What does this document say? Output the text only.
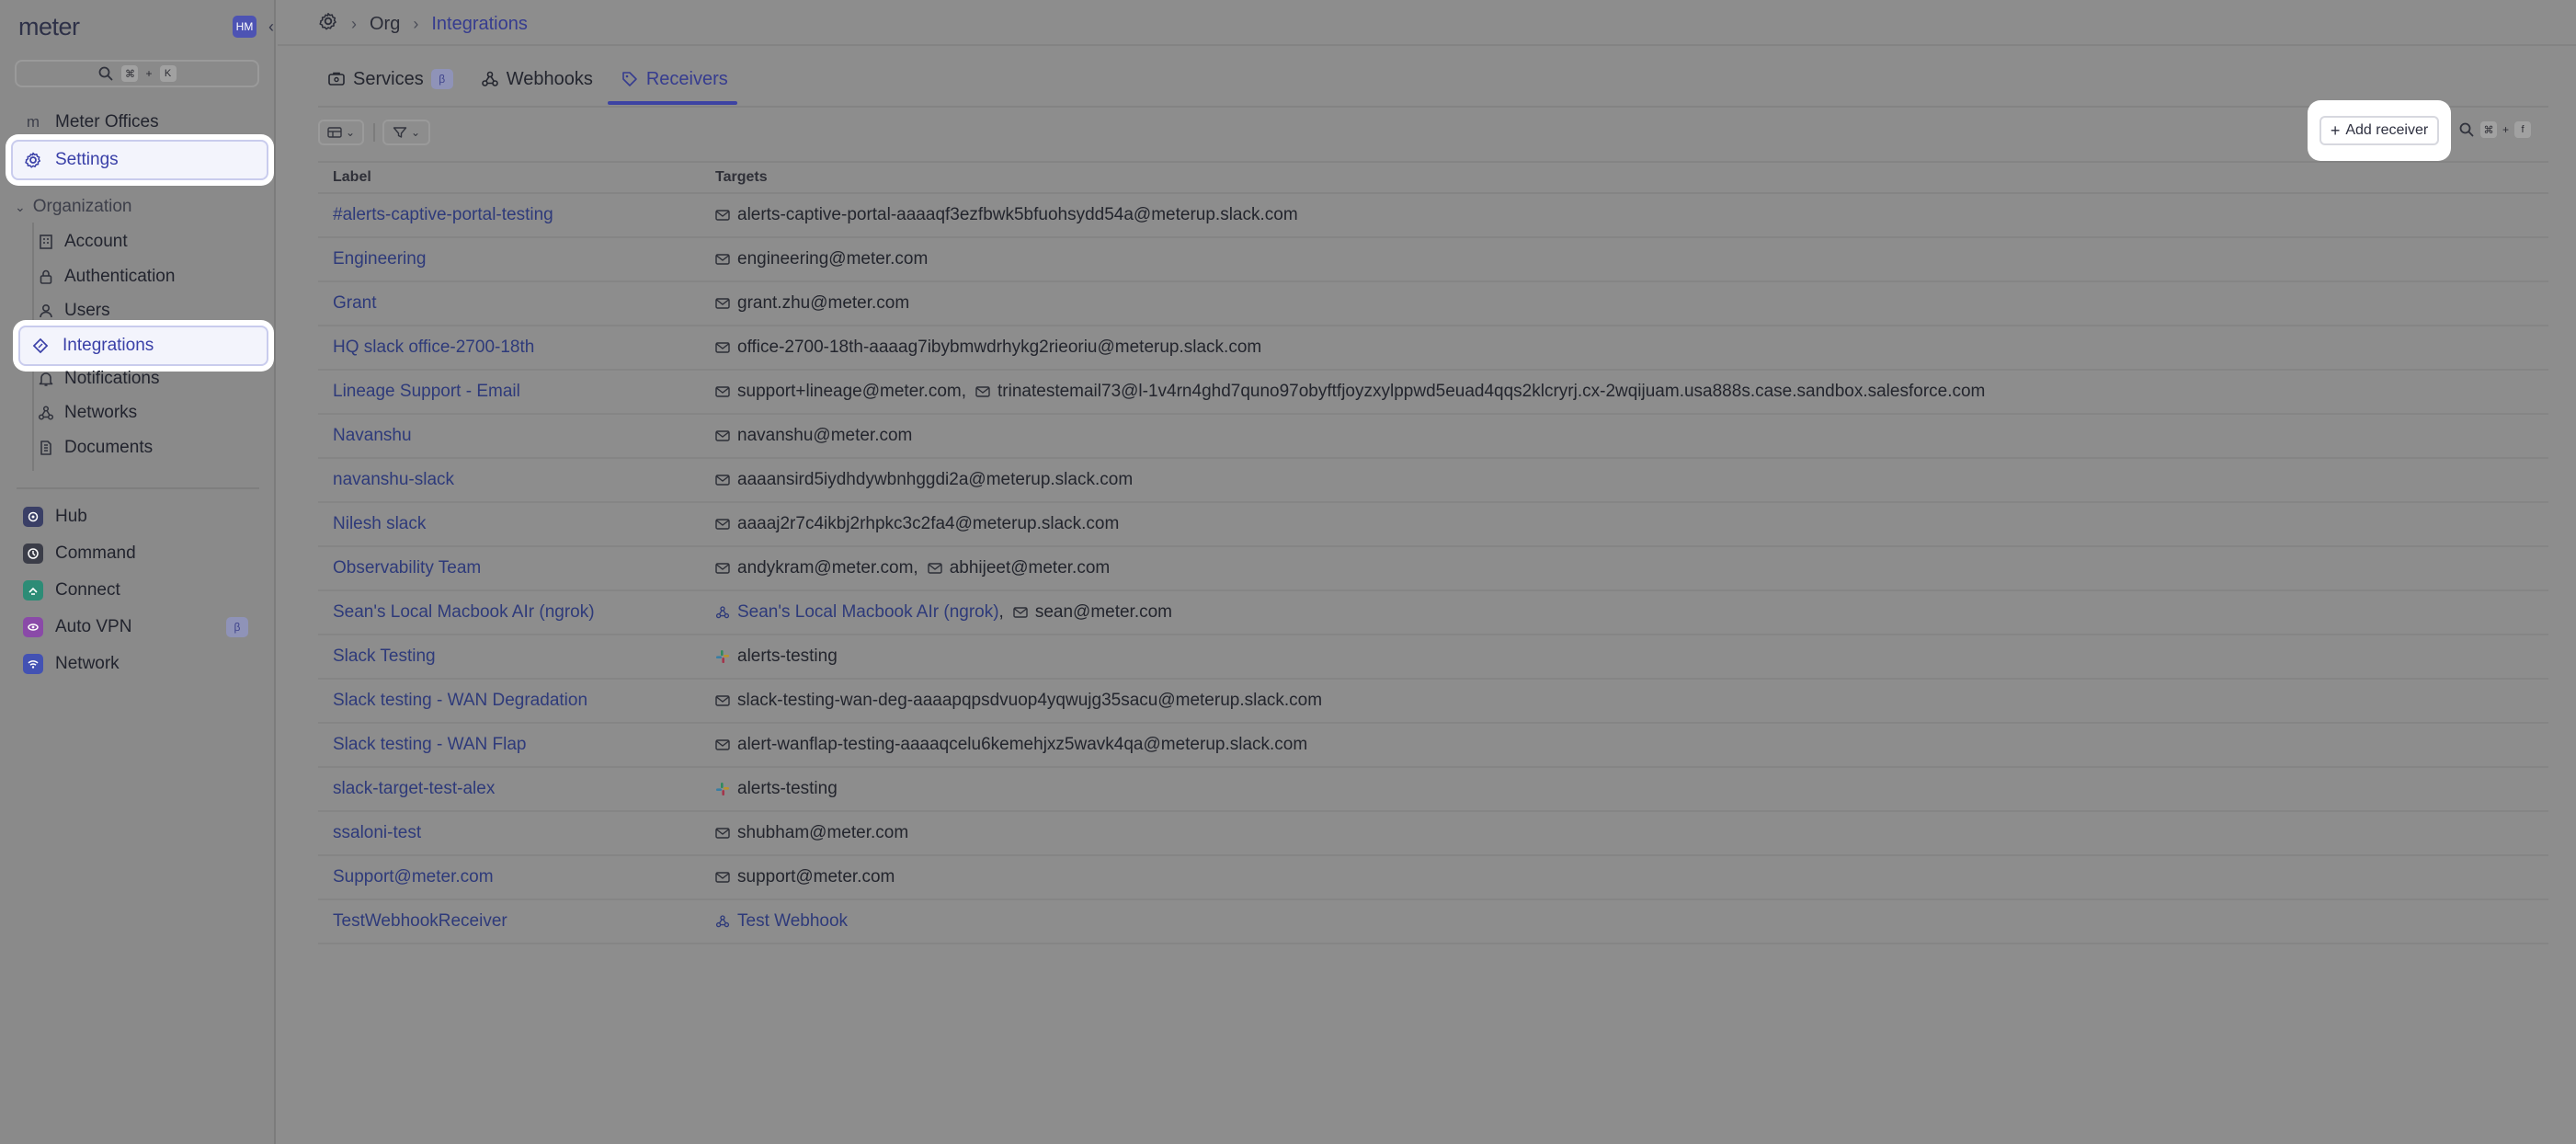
meter	HM ‹
⌘ +	K
m Meter Offices
Settings
⌄ Organization
Account
Authentication
Users
Integrations
Notifications
Networks
Documents
Hub
Command
Connect
Auto VPN	β
Network
› Org › Integrations
Services	β	Webhooks	Receivers
⌄	⌄	+ Add receiver	⌘ +	f
Label	Targets
#alerts-captive-portal-testing	alerts-captive-portal-aaaaqf3ezfbwk5bfuohsydd54a@meterup.slack.com
Engineering	engineering@meter.com
Grant	grant.zhu@meter.com
HQ slack office-2700-18th	office-2700-18th-aaaag7ibybmwdrhykg2rieoriu@meterup.slack.com
Lineage Support - Email	support+lineage@meter.com , trinatestemail73@l-1v4rn4ghd7quno97obyftfjoyzxylppwd5euad4qqs2klcryrj.cx-2wqijuam.usa888s.case.sandbox.salesforce.com
Navanshu	navanshu@meter.com
navanshu-slack	aaaansird5iydhdywbnhggdi2a@meterup.slack.com
Nilesh slack	aaaaj2r7c4ikbj2rhpkc3c2fa4@meterup.slack.com
Observability Team	andykram@meter.com , abhijeet@meter.com
Sean's Local Macbook AIr (ngrok)	Sean's Local Macbook AIr (ngrok) , sean@meter.com
Slack Testing	alerts-testing
Slack testing - WAN Degradation	slack-testing-wan-deg-aaaapqpsdvuop4yqwujg35sacu@meterup.slack.com
Slack testing - WAN Flap	alert-wanflap-testing-aaaaqcelu6kemehjxz5wavk4qa@meterup.slack.com
slack-target-test-alex	alerts-testing
ssaloni-test	shubham@meter.com
Support@meter.com	support@meter.com
TestWebhookReceiver	Test Webhook
